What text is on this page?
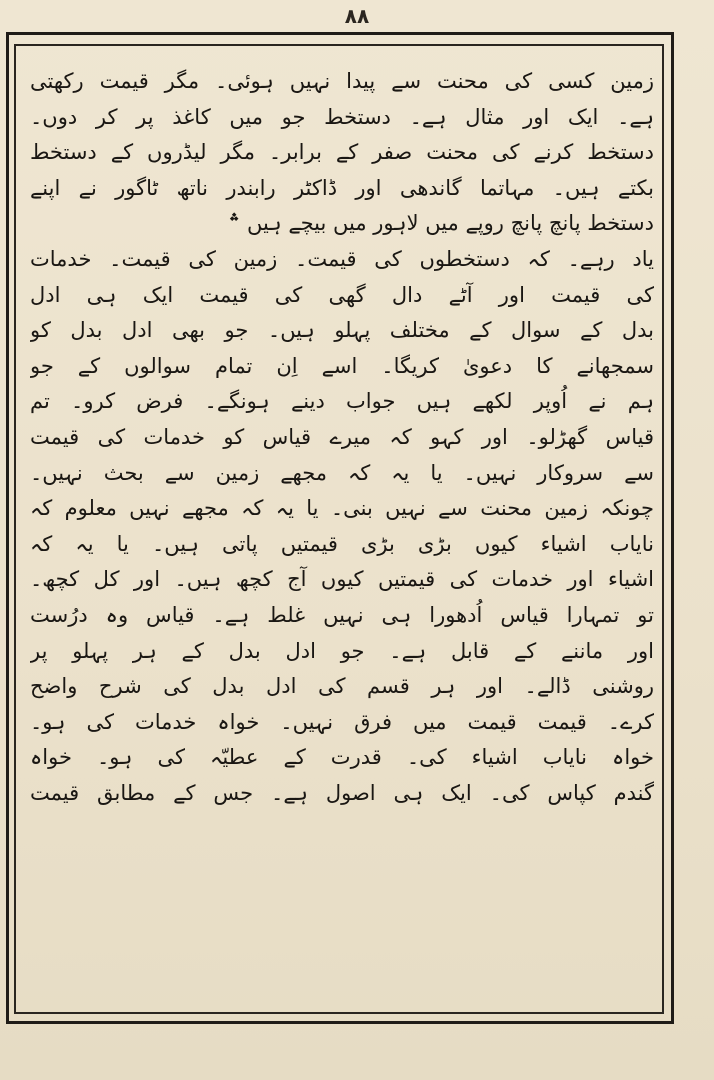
٨٨
زمین کسی کی محنت سے پیدا نہیں ہوئی۔ مگر قیمت رکھتی
ہے۔ ایک اور مثال ہے۔ دستخط جو میں کاغذ پر کر دوں۔
دستخط کرنے کی محنت صفر کے برابر۔ مگر لیڈروں کے دستخط
بکتے ہیں۔ مہاتما گاندھی اور ڈاکٹر رابندر ناتھ ٹاگور نے اپنے
دستخط پانچ پانچ روپے میں لاہور میں بیچے ہیں ؞
یاد رہے۔ کہ دستخطوں کی قیمت۔ زمین کی قیمت۔ خدمات
کی قیمت اور آٹے دال گھی کی قیمت ایک ہی ادل
بدل کے سوال کے مختلف پہلو ہیں۔ جو بھی ادل بدل کو
سمجھانے کا دعویٰ کریگا۔ اسے اِن تمام سوالوں کے جو
ہم نے اُوپر لکھے ہیں جواب دینے ہونگے۔ فرض کرو۔ تم
قیاس گھڑلو۔ اور کہو کہ میرے قیاس کو خدمات کی قیمت
سے سروکار نہیں۔ یا یہ کہ مجھے زمین سے بحث نہیں۔
چونکہ زمین محنت سے نہیں بنی۔ یا یہ کہ مجھے نہیں معلوم کہ
نایاب اشیاء کیوں بڑی بڑی قیمتیں پاتی ہیں۔ یا یہ کہ
اشیاء اور خدمات کی قیمتیں کیوں آج کچھ ہیں۔ اور کل کچھ۔
تو تمہارا قیاس اُدھورا ہی نہیں غلط ہے۔ قیاس وہ درُست
اور ماننے کے قابل ہے۔ جو ادل بدل کے ہر پہلو پر
روشنی ڈالے۔ اور ہر قسم کی ادل بدل کی شرح واضح
کرے۔ قیمت قیمت میں فرق نہیں۔ خواہ خدمات کی ہو۔
خواہ نایاب اشیاء کی۔ قدرت کے عطیّہ کی ہو۔ خواہ
گندم کپاس کی۔ ایک ہی اصول ہے۔ جس کے مطابق قیمت
